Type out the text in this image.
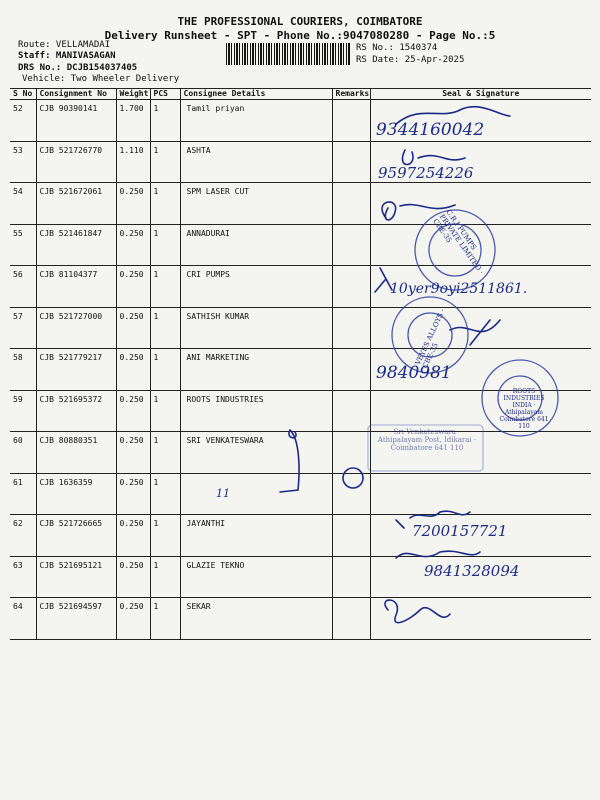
THE PROFESSIONAL COURIERS, COIMBATORE
Delivery Runsheet - SPT - Phone No.:9047080280 - Page No.:5
Route: VELLAMADAI
Staff: MANIVASAGAN
DRS No.: DCJB154037405
Vehicle: Two Wheeler Delivery
RS No.: 1540374
RS Date: 25-Apr-2025
S No	Consignment No	Weight	PCS	Consignee Details	Remarks	Seal & Signature
52	CJB 90390141	1.700	1	Tamil priyan		
53	CJB 521726770	1.110	1	ASHTA		
54	CJB 521672061	0.250	1	SPM LASER CUT		
55	CJB 521461847	0.250	1	ANNADURAI		
56	CJB 81104377	0.250	1	CRI PUMPS		
57	CJB 521727000	0.250	1	SATHISH KUMAR		
58	CJB 521779217	0.250	1	ANI MARKETING		
59	CJB 521695372	0.250	1	ROOTS INDUSTRIES		
60	CJB 80880351	0.250	1	SRI VENKATESWARA		
61	CJB 1636359	0.250	1			
62	CJB 521726665	0.250	1	JAYANTHI		
63	CJB 521695121	0.250	1	GLAZIE TEKNO		
64	CJB 521694597	0.250	1	SEKAR		
9344160042
9597254226
10yer9oyi2511861.
9840981
11
7200157721
9841328094
C.R.I PUMPS PRIVATE LIMITED · CBE-35
VEYES ALLOYS · CBE-35
ROOTS INDUSTRIES INDIA · Athipalayam Coimbatore 641 110
Sri Venkateswara · Athipalayam Post, Idikarai · Coimbatore 641 110
